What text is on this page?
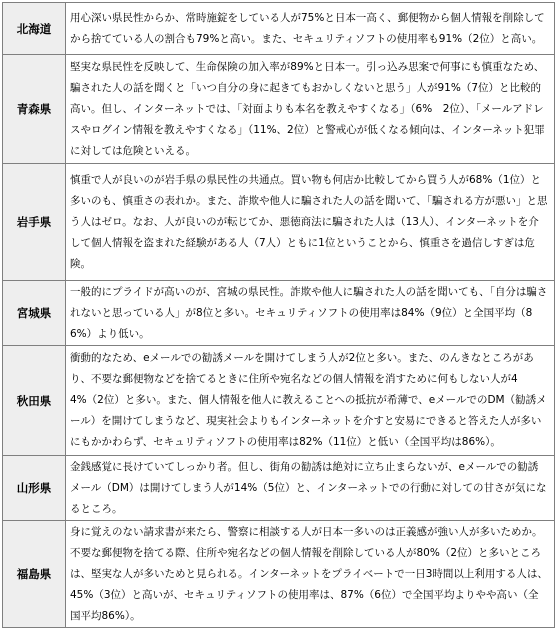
北海道	用心深い県民性からか、常時施錠をしている人が75%と日本一高く、郵便物から個人情報を削除してから捨てている人の割合も79%と高い。また、セキュリティソフトの使用率も91%（2位）と高い。
青森県	堅実な県民性を反映して、生命保険の加入率が89%と日本一。引っ込み思案で何事にも慎重なため、騙された人の話を聞くと「いつ自分の身に起きてもおかしくないと思う」人が91%（7位）と比較的高い。但し、インターネットでは、「対面よりも本名を教えやすくなる」（6%　2位）、「メールアドレスやログイン情報を教えやすくなる」（11%、2位）と警戒心が低くなる傾向は、インターネット犯罪に対しては危険といえる。
岩手県	慎重で人が良いのが岩手県の県民性の共通点。買い物も何店か比較してから買う人が68%（1位）と多いのも、慎重さの表れか。また、詐欺や他人に騙された人の話を聞いて、「騙される方が悪い」と思う人はゼロ。なお、人が良いのが転じてか、悪徳商法に騙された人は（13人）、インターネットを介して個人情報を盗まれた経験がある人（7人）ともに1位ということから、慎重さを過信しすぎは危険。
宮城県	一般的にプライドが高いのが、宮城の県民性。詐欺や他人に騙された人の話を聞いても、「自分は騙されないと思っている人」が8位と多い。セキュリティソフトの使用率は84%（9位）と全国平均（86%）より低い。
秋田県	衝動的なため、eメールでの勧誘メールを開けてしまう人が2位と多い。また、のんきなところがあり、不要な郵便物などを捨てるときに住所や宛名などの個人情報を消すために何もしない人が44%（2位）と多い。また、個人情報を他人に教えることへの抵抗が希薄で、eメールでのDM（勧誘メール）を開けてしまうなど、現実社会よりもインターネットを介すと安易にできると答えた人が多いにもかかわらず、セキュリティソフトの使用率は82%（11位）と低い（全国平均は86%）。
山形県	金銭感覚に長けていてしっかり者。但し、街角の勧誘は絶対に立ち止まらないが、eメールでの勧誘メール（DM）は開けてしまう人が14%（5位）と、インターネットでの行動に対しての甘さが気になるところ。
福島県	身に覚えのない請求書が来たら、警察に相談する人が日本一多いのは正義感が強い人が多いためか。不要な郵便物を捨てる際、住所や宛名などの個人情報を削除している人が80%（2位）と多いところは、堅実な人が多いためと見られる。インターネットをプライベートで一日3時間以上利用する人は、45%（3位）と高いが、セキュリティソフトの使用率は、87%（6位）で全国平均よりやや高い（全国平均86%）。
